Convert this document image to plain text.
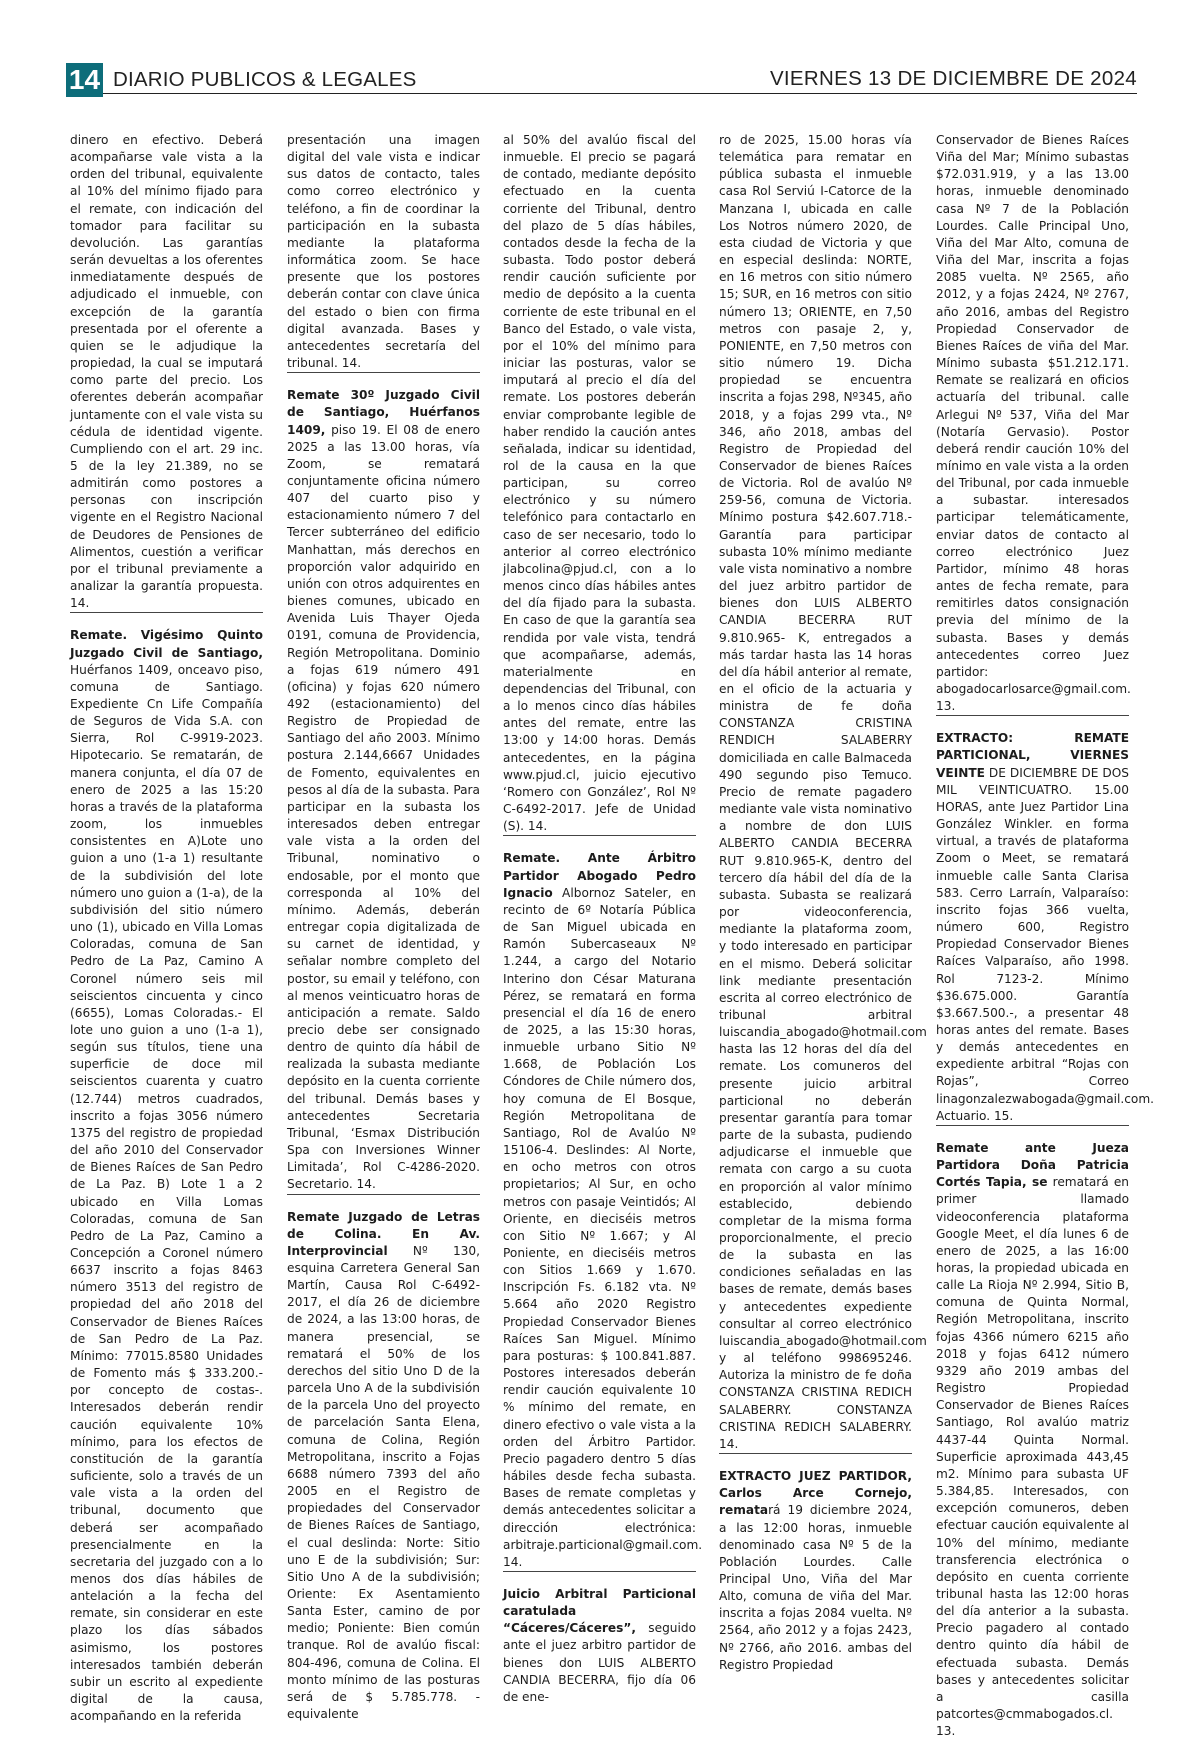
14 DIARIO PUBLICOS & LEGALES	VIERNES 13 DE DICIEMBRE DE 2024

dinero en efectivo. Deberá acompañarse vale vista a la orden del tribunal, equivalente al 10% del mínimo fijado para el remate, con indicación del tomador para facilitar su devolución. Las garantías serán devueltas a los oferentes inmediatamente después de adjudicado el inmueble, con excepción de la garantía presentada por el oferente a quien se le adjudique la propiedad, la cual se imputará como parte del precio. Los oferentes deberán acompañar juntamente con el vale vista su cédula de identidad vigente. Cumpliendo con el art. 29 inc. 5 de la ley 21.389, no se admitirán como postores a personas con inscripción vigente en el Registro Nacional de Deudores de Pensiones de Alimentos, cuestión a verificar por el tribunal previamente a analizar la garantía propuesta. 14.

Remate. Vigésimo Quinto Juzgado Civil de Santiago, Huérfanos 1409, onceavo piso, comuna de Santiago. Expediente Cn Life Compañía de Seguros de Vida S.A. con Sierra, Rol C-9919-2023. Hipotecario. Se rematarán, de manera conjunta, el día 07 de enero de 2025 a las 15:20 horas a través de la plataforma zoom, los inmuebles consistentes en A)Lote uno guion a uno (1-a 1) resultante de la subdivisión del lote número uno guion a (1-a), de la subdivisión del sitio número uno (1), ubicado en Villa Lomas Coloradas, comuna de San Pedro de La Paz, Camino A Coronel número seis mil seiscientos cincuenta y cinco (6655), Lomas Coloradas.- El lote uno guion a uno (1-a 1), según sus títulos, tiene una superficie de doce mil seiscientos cuarenta y cuatro (12.744) metros cuadrados, inscrito a fojas 3056 número 1375 del registro de propiedad del año 2010 del Conservador de Bienes Raíces de San Pedro de La Paz. B) Lote 1 a 2 ubicado en Villa Lomas Coloradas, comuna de San Pedro de La Paz, Camino a Concepción a Coronel número 6637 inscrito a fojas 8463 número 3513 del registro de propiedad del año 2018 del Conservador de Bienes Raíces de San Pedro de La Paz. Mínimo: 77015.8580 Unidades de Fomento más $ 333.200.- por concepto de costas-. Interesados deberán rendir caución equivalente 10% mínimo, para los efectos de constitución de la garantía suficiente, solo a través de un vale vista a la orden del tribunal, documento que deberá ser acompañado presencialmente en la secretaria del juzgado con a lo menos dos días hábiles de antelación a la fecha del remate, sin considerar en este plazo los días sábados asimismo, los postores interesados también deberán subir un escrito al expediente digital de la causa, acompañando en la referida

presentación una imagen digital del vale vista e indicar sus datos de contacto, tales como correo electrónico y teléfono, a fin de coordinar la participación en la subasta mediante la plataforma informática zoom. Se hace presente que los postores deberán contar con clave única del estado o bien con firma digital avanzada. Bases y antecedentes secretaría del tribunal. 14.

Remate 30º Juzgado Civil de Santiago, Huérfanos 1409, piso 19. El 08 de enero 2025 a las 13.00 horas, vía Zoom, se rematará conjuntamente oficina número 407 del cuarto piso y estacionamiento número 7 del Tercer subterráneo del edificio Manhattan, más derechos en proporción valor adquirido en unión con otros adquirentes en bienes comunes, ubicado en Avenida Luis Thayer Ojeda 0191, comuna de Providencia, Región Metropolitana. Dominio a fojas 619 número 491 (oficina) y fojas 620 número 492 (estacionamiento) del Registro de Propiedad de Santiago del año 2003. Mínimo postura 2.144,6667 Unidades de Fomento, equivalentes en pesos al día de la subasta. Para participar en la subasta los interesados deben entregar vale vista a la orden del Tribunal, nominativo o endosable, por el monto que corresponda al 10% del mínimo. Además, deberán entregar copia digitalizada de su carnet de identidad, y señalar nombre completo del postor, su email y teléfono, con al menos veinticuatro horas de anticipación a remate. Saldo precio debe ser consignado dentro de quinto día hábil de realizada la subasta mediante depósito en la cuenta corriente del tribunal. Demás bases y antecedentes Secretaria Tribunal, ‘Esmax Distribución Spa con Inversiones Winner Limitada’, Rol C-4286-2020. Secretario. 14.

Remate Juzgado de Letras de Colina. En Av. Interprovincial Nº 130, esquina Carretera General San Martín, Causa Rol C-6492-2017, el día 26 de diciembre de 2024, a las 13:00 horas, de manera presencial, se rematará el 50% de los derechos del sitio Uno D de la parcela Uno A de la subdivisión de la parcela Uno del proyecto de parcelación Santa Elena, comuna de Colina, Región Metropolitana, inscrito a Fojas 6688 número 7393 del año 2005 en el Registro de propiedades del Conservador de Bienes Raíces de Santiago, el cual deslinda: Norte: Sitio uno E de la subdivisión; Sur: Sitio Uno A de la subdivisión; Oriente: Ex Asentamiento Santa Ester, camino de por medio; Poniente: Bien común tranque. Rol de avalúo fiscal: 804-496, comuna de Colina. El monto mínimo de las posturas será de $ 5.785.778. - equivalente

al 50% del avalúo fiscal del inmueble. El precio se pagará de contado, mediante depósito efectuado en la cuenta corriente del Tribunal, dentro del plazo de 5 días hábiles, contados desde la fecha de la subasta. Todo postor deberá rendir caución suficiente por medio de depósito a la cuenta corriente de este tribunal en el Banco del Estado, o vale vista, por el 10% del mínimo para iniciar las posturas, valor se imputará al precio el día del remate. Los postores deberán enviar comprobante legible de haber rendido la caución antes señalada, indicar su identidad, rol de la causa en la que participan, su correo electrónico y su número telefónico para contactarlo en caso de ser necesario, todo lo anterior al correo electrónico jlabcolina@pjud.cl, con a lo menos cinco días hábiles antes del día fijado para la subasta. En caso de que la garantía sea rendida por vale vista, tendrá que acompañarse, además, materialmente en dependencias del Tribunal, con a lo menos cinco días hábiles antes del remate, entre las 13:00 y 14:00 horas. Demás antecedentes, en la página www.pjud.cl, juicio ejecutivo ‘Romero con González’, Rol Nº C-6492-2017. Jefe de Unidad (S). 14.

Remate. Ante Árbitro Partidor Abogado Pedro Ignacio Albornoz Sateler, en recinto de 6º Notaría Pública de San Miguel ubicada en Ramón Subercaseaux Nº 1.244, a cargo del Notario Interino don César Maturana Pérez, se rematará en forma presencial el día 16 de enero de 2025, a las 15:30 horas, inmueble urbano Sitio Nº 1.668, de Población Los Cóndores de Chile número dos, hoy comuna de El Bosque, Región Metropolitana de Santiago, Rol de Avalúo Nº 15106-4. Deslindes: Al Norte, en ocho metros con otros propietarios; Al Sur, en ocho metros con pasaje Veintidós; Al Oriente, en dieciséis metros con Sitio Nº 1.667; y Al Poniente, en dieciséis metros con Sitios 1.669 y 1.670. Inscripción Fs. 6.182 vta. Nº 5.664 año 2020 Registro Propiedad Conservador Bienes Raíces San Miguel. Mínimo para posturas: $ 100.841.887. Postores interesados deberán rendir caución equivalente 10 % mínimo del remate, en dinero efectivo o vale vista a la orden del Árbitro Partidor. Precio pagadero dentro 5 días hábiles desde fecha subasta. Bases de remate completas y demás antecedentes solicitar a dirección electrónica: arbitraje.particional@gmail.com. 14.

Juicio Arbitral Particional caratulada “Cáceres/Cáceres”, seguido ante el juez arbitro partidor de bienes don LUIS ALBERTO CANDIA BECERRA, fijo día 06 de ene-

ro de 2025, 15.00 horas vía telemática para rematar en pública subasta el inmueble casa Rol Serviú I-Catorce de la Manzana I, ubicada en calle Los Notros número 2020, de esta ciudad de Victoria y que en especial deslinda: NORTE, en 16 metros con sitio número 15; SUR, en 16 metros con sitio número 13; ORIENTE, en 7,50 metros con pasaje 2, y, PONIENTE, en 7,50 metros con sitio número 19. Dicha propiedad se encuentra inscrita a fojas 298, Nº345, año 2018, y a fojas 299 vta., Nº 346, año 2018, ambas del Registro de Propiedad del Conservador de bienes Raíces de Victoria. Rol de avalúo Nº 259-56, comuna de Victoria. Mínimo postura $42.607.718.- Garantía para participar subasta 10% mínimo mediante vale vista nominativo a nombre del juez arbitro partidor de bienes don LUIS ALBERTO CANDIA BECERRA RUT 9.810.965- K, entregados a más tardar hasta las 14 horas del día hábil anterior al remate, en el oficio de la actuaria y ministra de fe doña CONSTANZA CRISTINA RENDICH SALABERRY domiciliada en calle Balmaceda 490 segundo piso Temuco. Precio de remate pagadero mediante vale vista nominativo a nombre de don LUIS ALBERTO CANDIA BECERRA RUT 9.810.965-K, dentro del tercero día hábil del día de la subasta. Subasta se realizará por videoconferencia, mediante la plataforma zoom, y todo interesado en participar en el mismo. Deberá solicitar link mediante presentación escrita al correo electrónico de tribunal arbitral luiscandia_abogado@hotmail.com hasta las 12 horas del día del remate. Los comuneros del presente juicio arbitral particional no deberán presentar garantía para tomar parte de la subasta, pudiendo adjudicarse el inmueble que remata con cargo a su cuota en proporción al valor mínimo establecido, debiendo completar de la misma forma proporcionalmente, el precio de la subasta en las condiciones señaladas en las bases de remate, demás bases y antecedentes expediente consultar al correo electrónico luiscandia_abogado@hotmail.com y al teléfono 998695246. Autoriza la ministro de fe doña CONSTANZA CRISTINA REDICH SALABERRY. CONSTANZA CRISTINA REDICH SALABERRY. 14.

EXTRACTO JUEZ PARTIDOR, Carlos Arce Cornejo, rematará 19 diciembre 2024, a las 12:00 horas, inmueble denominado casa Nº 5 de la Población Lourdes. Calle Principal Uno, Viña del Mar Alto, comuna de viña del Mar. inscrita a fojas 2084 vuelta. Nº 2564, año 2012 y a fojas 2423, Nº 2766, año 2016. ambas del Registro Propiedad

Conservador de Bienes Raíces Viña del Mar; Mínimo subastas $72.031.919, y a las 13.00 horas, inmueble denominado casa Nº 7 de la Población Lourdes. Calle Principal Uno, Viña del Mar Alto, comuna de Viña del Mar, inscrita a fojas 2085 vuelta. Nº 2565, año 2012, y a fojas 2424, Nº 2767, año 2016, ambas del Registro Propiedad Conservador de Bienes Raíces de viña del Mar. Mínimo subasta $51.212.171. Remate se realizará en oficios actuaría del tribunal. calle Arlegui Nº 537, Viña del Mar (Notaría Gervasio). Postor deberá rendir caución 10% del mínimo en vale vista a la orden del Tribunal, por cada inmueble a subastar. interesados participar telemáticamente, enviar datos de contacto al correo electrónico Juez Partidor, mínimo 48 horas antes de fecha remate, para remitirles datos consignación previa del mínimo de la subasta. Bases y demás antecedentes correo Juez partidor: abogadocarlosarce@gmail.com. 13.

EXTRACTO: REMATE PARTICIONAL, VIERNES VEINTE DE DICIEMBRE DE DOS MIL VEINTICUATRO. 15.00 HORAS, ante Juez Partidor Lina González Winkler. en forma virtual, a través de plataforma Zoom o Meet, se rematará inmueble calle Santa Clarisa 583. Cerro Larraín, Valparaíso: inscrito fojas 366 vuelta, número 600, Registro Propiedad Conservador Bienes Raíces Valparaíso, año 1998. Rol 7123-2. Mínimo $36.675.000. Garantía $3.667.500.-, a presentar 48 horas antes del remate. Bases y demás antecedentes en expediente arbitral “Rojas con Rojas”, Correo linagonzalezwabogada@gmail.com. Actuario. 15.

Remate ante Jueza Partidora Doña Patricia Cortés Tapia, se rematará en primer llamado videoconferencia plataforma Google Meet, el día lunes 6 de enero de 2025, a las 16:00 horas, la propiedad ubicada en calle La Rioja Nº 2.994, Sitio B, comuna de Quinta Normal, Región Metropolitana, inscrito fojas 4366 número 6215 año 2018 y fojas 6412 número 9329 año 2019 ambas del Registro Propiedad Conservador de Bienes Raíces Santiago, Rol avalúo matriz 4437-44 Quinta Normal. Superficie aproximada 443,45 m2. Mínimo para subasta UF 5.384,85. Interesados, con excepción comuneros, deben efectuar caución equivalente al 10% del mínimo, mediante transferencia electrónica o depósito en cuenta corriente tribunal hasta las 12:00 horas del día anterior a la subasta. Precio pagadero al contado dentro quinto día hábil de efectuada subasta. Demás bases y antecedentes solicitar a casilla patcortes@cmmabogados.cl. 13.
